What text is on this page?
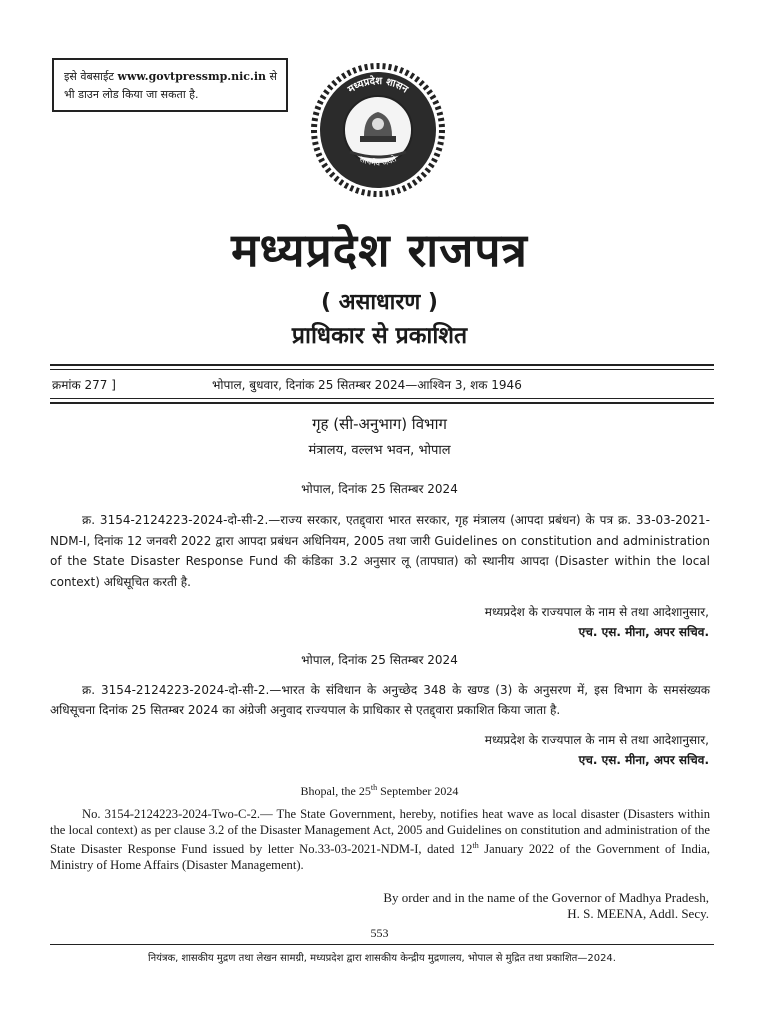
इसे वेबसाईट www.govtpressmp.nic.in से
भी डाउन लोड किया जा सकता है.	मध्यप्रदेश शासन
सत्यमेव जयते
मध्यप्रदेश राजपत्र
( असाधारण )
प्राधिकार से प्रकाशित
क्रमांक 277 ]	भोपाल, बुधवार, दिनांक 25 सितम्बर 2024—आश्विन 3, शक 1946
गृह (सी-अनुभाग) विभाग
मंत्रालय, वल्लभ भवन, भोपाल
भोपाल, दिनांक 25 सितम्बर 2024
क्र. 3154-2124223-2024-दो-सी-2.—राज्य सरकार, एतद्द्वारा भारत सरकार, गृह मंत्रालय (आपदा प्रबंधन) के पत्र क्र. 33-03-2021-NDM-I, दिनांक 12 जनवरी 2022 द्वारा आपदा प्रबंधन अधिनियम, 2005 तथा जारी Guidelines on constitution and administration of the State Disaster Response Fund की कंडिका 3.2 अनुसार लू (तापघात) को स्थानीय आपदा (Disaster within the local context) अधिसूचित करती है.
मध्यप्रदेश के राज्यपाल के नाम से तथा आदेशानुसार,
एच. एस. मीना, अपर सचिव.
भोपाल, दिनांक 25 सितम्बर 2024
क्र. 3154-2124223-2024-दो-सी-2.—भारत के संविधान के अनुच्छेद 348 के खण्ड (3) के अनुसरण में, इस विभाग के समसंख्यक अधिसूचना दिनांक 25 सितम्बर 2024 का अंग्रेजी अनुवाद राज्यपाल के प्राधिकार से एतद्द्वारा प्रकाशित किया जाता है.
मध्यप्रदेश के राज्यपाल के नाम से तथा आदेशानुसार,
एच. एस. मीना, अपर सचिव.
Bhopal, the 25th September 2024
No. 3154-2124223-2024-Two-C-2.— The State Government, hereby, notifies heat wave as local disaster (Disasters within the local context) as per clause 3.2 of the Disaster Management Act, 2005 and Guidelines on constitution and administration of the State Disaster Response Fund issued by letter No.33-03-2021-NDM-I, dated 12th January 2022 of the Government of India, Ministry of Home Affairs (Disaster Management).
By order and in the name of the Governor of Madhya Pradesh,
H. S. MEENA, Addl. Secy.
553
नियंत्रक, शासकीय मुद्रण तथा लेखन सामग्री, मध्यप्रदेश द्वारा शासकीय केन्द्रीय मुद्रणालय, भोपाल से मुद्रित तथा प्रकाशित—2024.
